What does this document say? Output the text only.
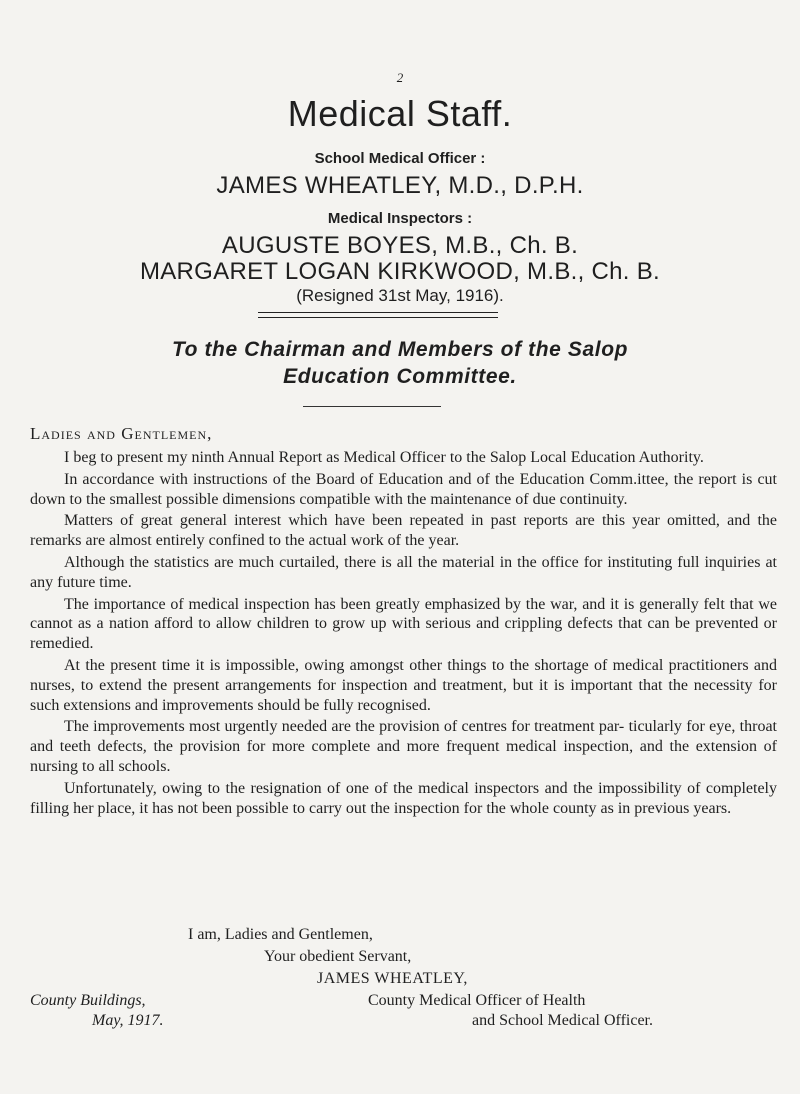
2
Medical Staff.
School Medical Officer :
JAMES WHEATLEY, M.D., D.P.H.
Medical Inspectors :
AUGUSTE BOYES, M.B., Ch. B.
MARGARET LOGAN KIRKWOOD, M.B., Ch. B.
(Resigned 31st May, 1916).
To the Chairman and Members of the Salop
Education Committee.
Ladies and Gentlemen,

I beg to present my ninth Annual Report as Medical Officer to the Salop Local Education Authority.

In accordance with instructions of the Board of Education and of the Education Comm.ittee, the report is cut down to the smallest possible dimensions compatible with the maintenance of due continuity.

Matters of great general interest which have been repeated in past reports are this year omitted, and the remarks are almost entirely confined to the actual work of the year.

Although the statistics are much curtailed, there is all the material in the office for instituting full inquiries at any future time.

The importance of medical inspection has been greatly emphasized by the war, and it is generally felt that we cannot as a nation afford to allow children to grow up with serious and crippling defects that can be prevented or remedied.

At the present time it is impossible, owing amongst other things to the shortage of medical practitioners and nurses, to extend the present arrangements for inspection and treatment, but it is important that the necessity for such extensions and improvements should be fully recognised.

The improvements most urgently needed are the provision of centres for treatment par- ticularly for eye, throat and teeth defects, the provision for more complete and more frequent medical inspection, and the extension of nursing to all schools.

Unfortunately, owing to the resignation of one of the medical inspectors and the impossibility of completely filling her place, it has not been possible to carry out the inspection for the whole county as in previous years.

I am, Ladies and Gentlemen,
Your obedient Servant,
JAMES WHEATLEY,
County Medical Officer of Health
and School Medical Officer.
County Buildings,
May, 1917.
